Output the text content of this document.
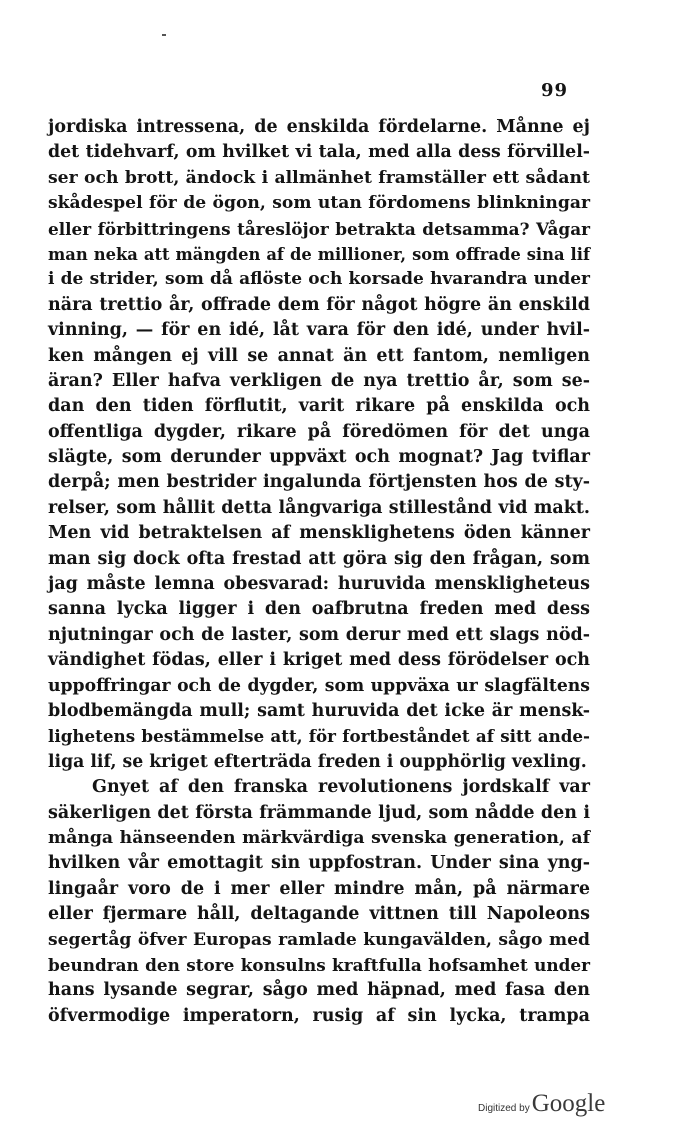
99
jordiska intressena, de enskilda fördelarne. Månne ej
det tidehvarf, om hvilket vi tala, med alla dess förvillel-
ser och brott, ändock i allmänhet framställer ett sådant
skådespel för de ögon, som utan fördomens blinkningar
eller förbittringens tåreslöjor betrakta detsamma? Vågar
man neka att mängden af de millioner, som offrade sina lif
i de strider, som då aflöste och korsade hvarandra under
nära trettio år, offrade dem för något högre än enskild
vinning, — för en idé, låt vara för den idé, under hvil-
ken mången ej vill se annat än ett fantom, nemligen
äran? Eller hafva verkligen de nya trettio år, som se-
dan den tiden förflutit, varit rikare på enskilda och
offentliga dygder, rikare på föredömen för det unga
slägte, som derunder uppväxt och mognat? Jag tviflar
derpå; men bestrider ingalunda förtjensten hos de sty-
relser, som hållit detta långvariga stillestånd vid makt.
Men vid betraktelsen af mensklighetens öden känner
man sig dock ofta frestad att göra sig den frågan, som
jag måste lemna obesvarad: huruvida menskligheteus
sanna lycka ligger i den oafbrutna freden med dess
njutningar och de laster, som derur med ett slags nöd-
vändighet födas, eller i kriget med dess förödelser och
uppoffringar och de dygder, som uppväxa ur slagfältens
blodbemängda mull; samt huruvida det icke är mensk-
lighetens bestämmelse att, för fortbeståndet af sitt ande-
liga lif, se kriget efterträda freden i oupphörlig vexling.
Gnyet af den franska revolutionens jordskalf var
säkerligen det första främmande ljud, som nådde den i
många hänseenden märkvärdiga svenska generation, af
hvilken vår emottagit sin uppfostran. Under sina yng-
lingaår voro de i mer eller mindre mån, på närmare
eller fjermare håll, deltagande vittnen till Napoleons
segertåg öfver Europas ramlade kungavälden, sågo med
beundran den store konsulns kraftfulla hofsamhet under
hans lysande segrar, sågo med häpnad, med fasa den
öfvermodige imperatorn, rusig af sin lycka, trampa
Digitized by Google
